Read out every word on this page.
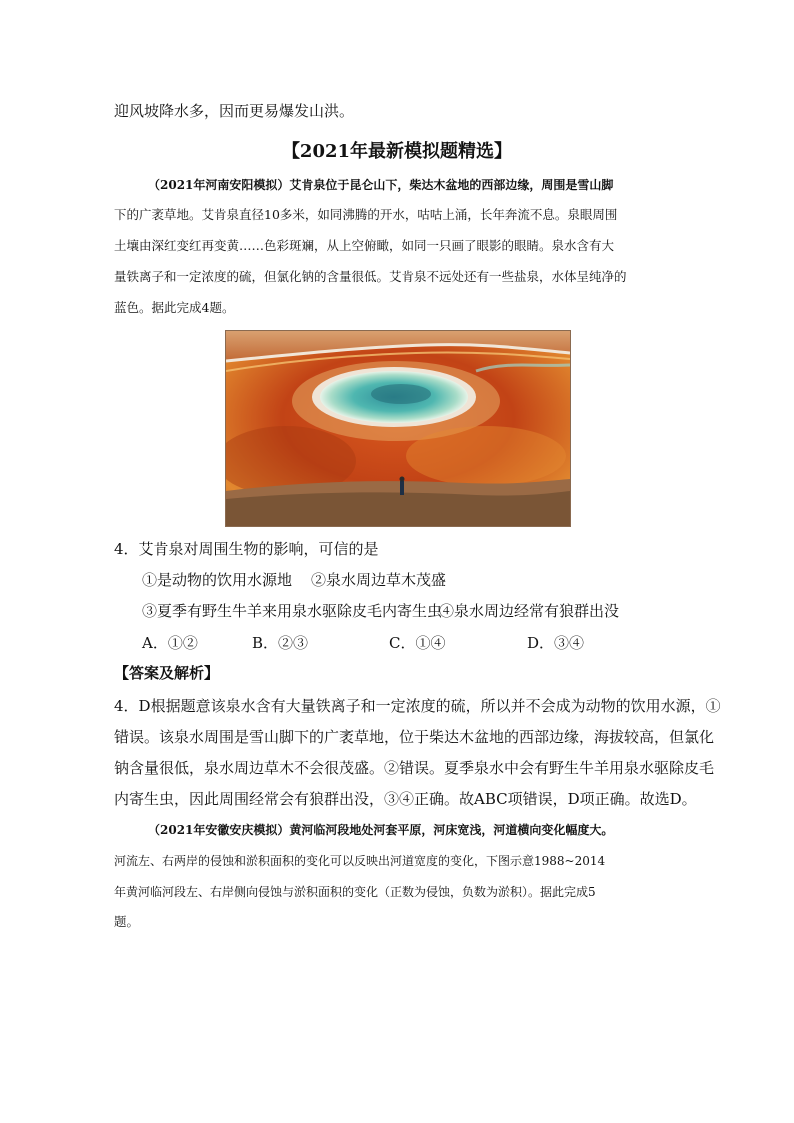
迎风坡降水多，因而更易爆发山洪。
【2021年最新模拟题精选】
（2021年河南安阳模拟）艾肯泉位于昆仑山下，柴达木盆地的西部边缘，周围是雪山脚
下的广袤草地。艾肯泉直径10多米，如同沸腾的开水，咕咕上涌，长年奔流不息。泉眼周围
土壤由深红变红再变黄……色彩斑斓，从上空俯瞰，如同一只画了眼影的眼睛。泉水含有大
量铁离子和一定浓度的硫，但氯化钠的含量很低。艾肯泉不远处还有一些盐泉，水体呈纯净的
蓝色。据此完成4题。
4．艾肯泉对周围生物的影响，可信的是
①是动物的饮用水源地 ②泉水周边草木茂盛
③夏季有野生牛羊来用泉水驱除皮毛内寄生虫
④泉水周边经常有狼群出没
A．①②	B．②③	C．①④	D．③④
【答案及解析】
4．D根据题意该泉水含有大量铁离子和一定浓度的硫，所以并不会成为动物的饮用水源，①
错误。该泉水周围是雪山脚下的广袤草地，位于柴达木盆地的西部边缘，海拔较高，但氯化
钠含量很低，泉水周边草木不会很茂盛。②错误。夏季泉水中会有野生牛羊用泉水驱除皮毛
内寄生虫，因此周围经常会有狼群出没，③④正确。故ABC项错误，D项正确。故选D。
（2021年安徽安庆模拟）黄河临河段地处河套平原，河床宽浅，河道横向变化幅度大。
河流左、右两岸的侵蚀和淤积面积的变化可以反映出河道宽度的变化，下图示意1988~2014
年黄河临河段左、右岸侧向侵蚀与淤积面积的变化（正数为侵蚀，负数为淤积）。据此完成5
题。
